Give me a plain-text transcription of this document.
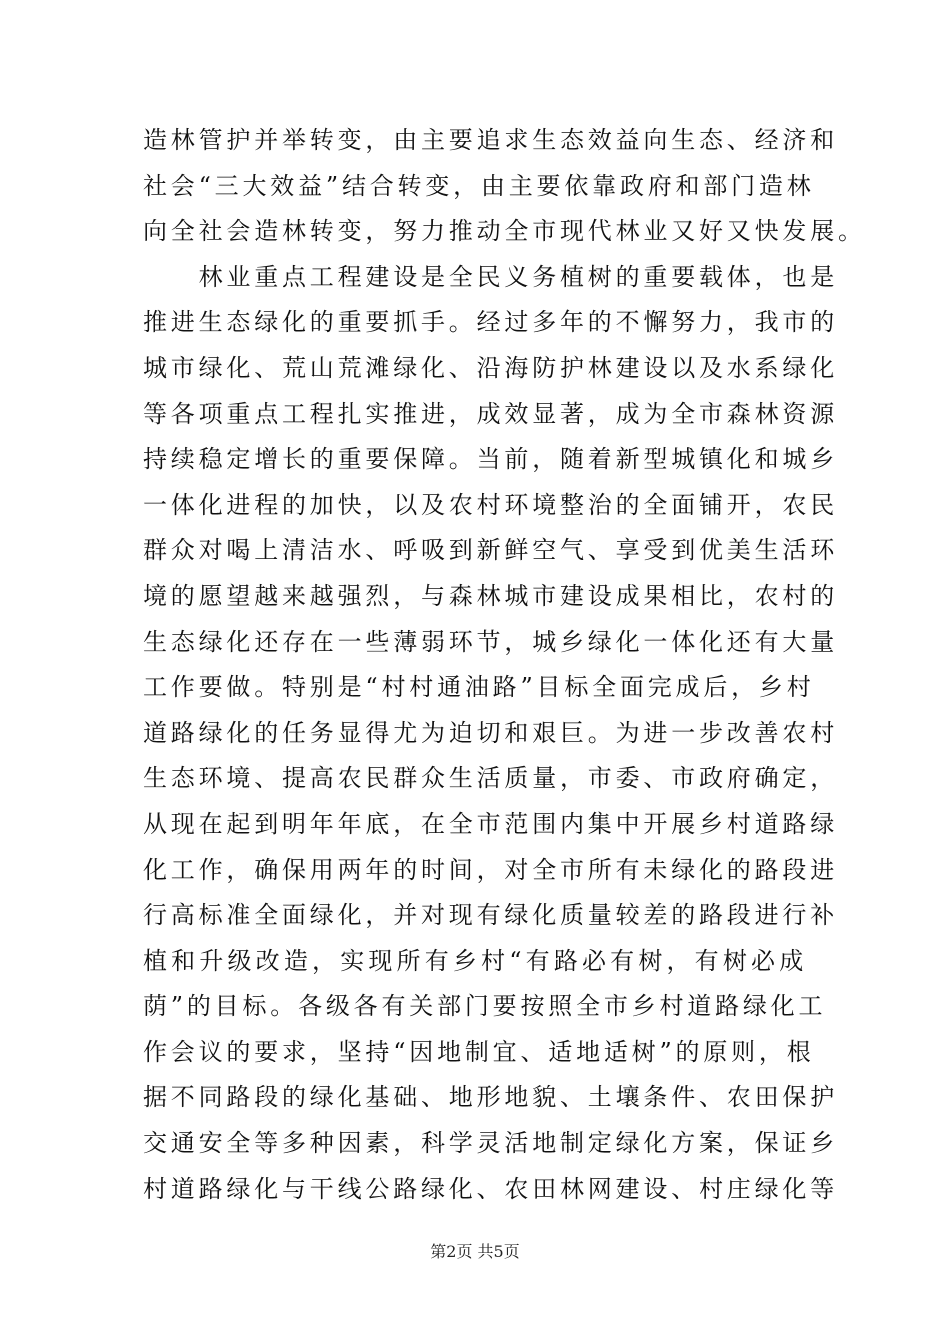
造林管护并举转变，由主要追求生态效益向生态、经济和
社会“三大效益”结合转变，由主要依靠政府和部门造林
向全社会造林转变，努力推动全市现代林业又好又快发展。
　　林业重点工程建设是全民义务植树的重要载体，也是
推进生态绿化的重要抓手。经过多年的不懈努力，我市的
城市绿化、荒山荒滩绿化、沿海防护林建设以及水系绿化
等各项重点工程扎实推进，成效显著，成为全市森林资源
持续稳定增长的重要保障。当前，随着新型城镇化和城乡
一体化进程的加快，以及农村环境整治的全面铺开，农民
群众对喝上清洁水、呼吸到新鲜空气、享受到优美生活环
境的愿望越来越强烈，与森林城市建设成果相比，农村的
生态绿化还存在一些薄弱环节，城乡绿化一体化还有大量
工作要做。特别是“村村通油路”目标全面完成后，乡村
道路绿化的任务显得尤为迫切和艰巨。为进一步改善农村
生态环境、提高农民群众生活质量，市委、市政府确定，
从现在起到明年年底，在全市范围内集中开展乡村道路绿
化工作，确保用两年的时间，对全市所有未绿化的路段进
行高标准全面绿化，并对现有绿化质量较差的路段进行补
植和升级改造，实现所有乡村“有路必有树，有树必成
荫”的目标。各级各有关部门要按照全市乡村道路绿化工
作会议的要求，坚持“因地制宜、适地适树”的原则，根
据不同路段的绿化基础、地形地貌、土壤条件、农田保护
交通安全等多种因素，科学灵活地制定绿化方案，保证乡
村道路绿化与干线公路绿化、农田林网建设、村庄绿化等
第2页 共5页
